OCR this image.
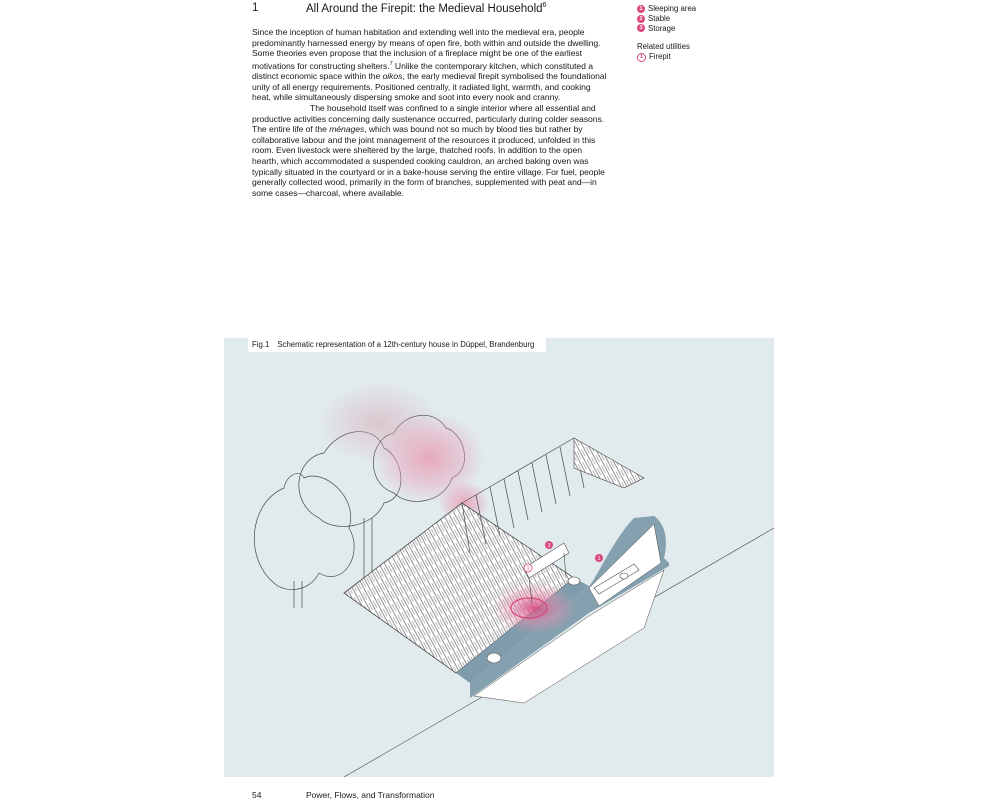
1	All Around the Firepit: the Medieval Household$^6$

Since the inception of human habitation and extending well into the medieval era, people predominantly harnessed energy by means of open fire, both within and outside the dwelling. Some theories even propose that the inclusion of a fireplace might be one of the earliest motivations for constructing shelters.$^7$ Unlike the contemporary kitchen, which constituted a distinct economic space within the oikos, the early medieval firepit symbolised the foundational unity of all energy requirements. Positioned centrally, it radiated light, warmth, and cooking heat, while simultaneously dispersing smoke and soot into every nook and cranny.

The household itself was confined to a single interior where all essential and productive activities concerning daily sustenance occurred, particularly during colder seasons. The entire life of the ménages, which was bound not so much by blood ties but rather by collaborative labour and the joint management of the resources it produced, unfolded in this room. Even livestock were sheltered by the large, thatched roofs. In addition to the open hearth, which accommodated a suspended cooking cauldron, an arched baking oven was typically situated in the courtyard or in a bake-house serving the entire village. For fuel, people generally collected wood, primarily in the form of branches, supplemented with peat and—in some cases—charcoal, where available.

1 Sleeping area
2 Stable
3 Storage
Related utilities
1 Firepit
3
1
1
Fig.1 Schematic representation of a 12th-century house in Düppel, Brandenburg
54	Power, Flows, and Transformation
